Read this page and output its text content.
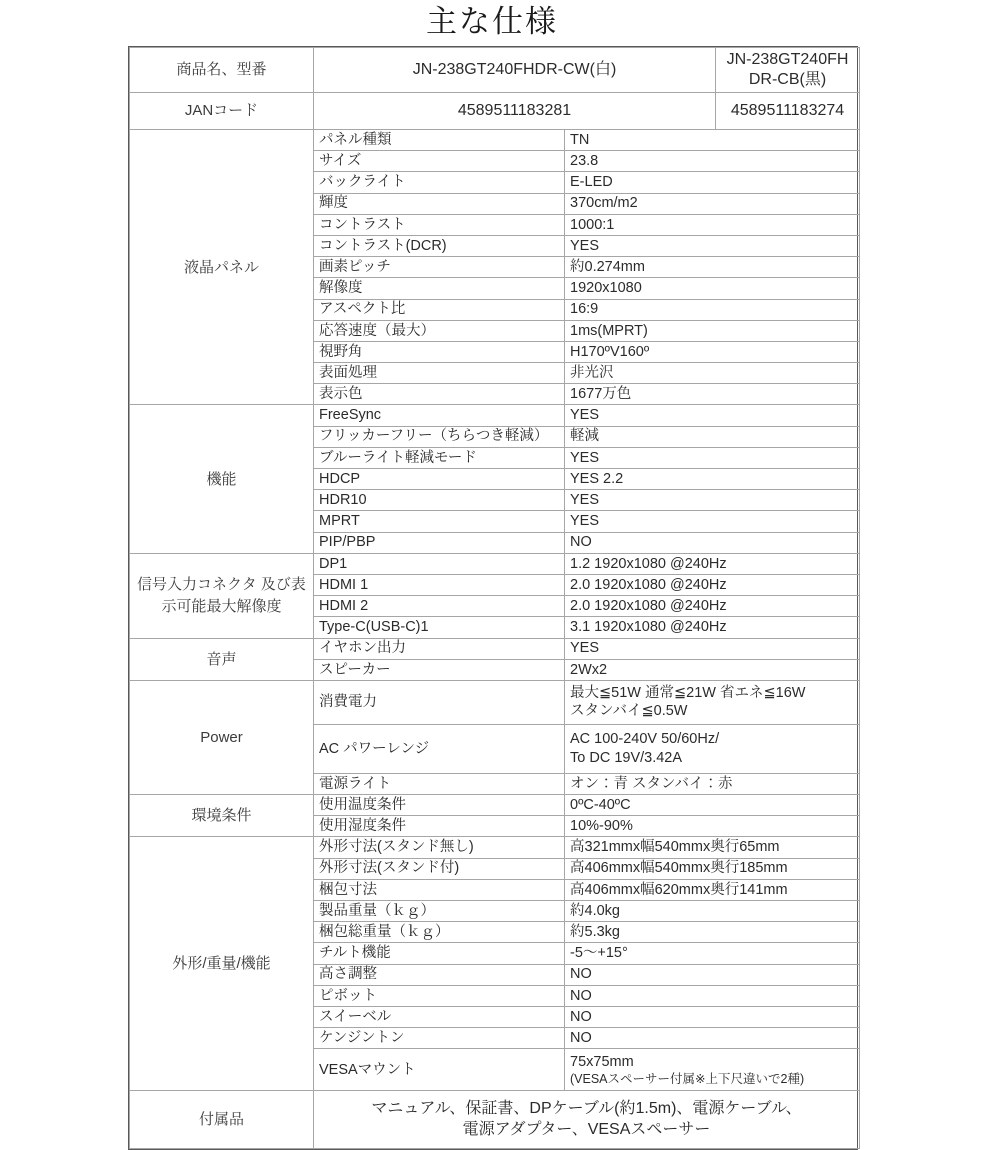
主な仕様
商品名、型番	JN-238GT240FHDR-CW(白)		JN-238GT240FHDR-CB(黒)
JANコード	4589511183281		4589511183274
液晶パネル	パネル種類	TN	
	サイズ	23.8	
	バックライト	E-LED	
	輝度	370cm/m2	
	コントラスト	1000:1	
	コントラスト(DCR)	YES	
	画素ピッチ	約0.274mm	
	解像度	1920x1080	
	アスペクト比	16:9	
	応答速度（最大）	1ms(MPRT)	
	視野角	H170ºV160º	
	表面処理	非光沢	
	表示色	1677万色	
機能	FreeSync	YES	
	フリッカーフリー（ちらつき軽減）	軽減	
	ブルーライト軽減モード	YES	
	HDCP	YES 2.2	
	HDR10	YES	
	MPRT	YES	
	PIP/PBP	NO	
信号入力コネクタ 及び表示可能最大解像度	DP1	1.2 1920x1080 @240Hz	
	HDMI 1	2.0 1920x1080 @240Hz	
	HDMI 2	2.0 1920x1080 @240Hz	
	Type-C(USB-C)1	3.1 1920x1080 @240Hz	
音声	イヤホン出力	YES	
	スピーカー	2Wx2	
Power	消費電力	最大≦51W 通常≦21W 省エネ≦16W
スタンバイ≦0.5W	

	AC パワーレンジ	AC 100-240V 50/60Hz/
To DC 19V/3.42A	

	電源ライト	オン：青 スタンバイ：赤	
環境条件	使用温度条件	0ºC-40ºC	
	使用湿度条件	10%-90%	
外形/重量/機能	外形寸法(スタンド無し)	高321mmx幅540mmx奥行65mm	
	外形寸法(スタンド付)	高406mmx幅540mmx奥行185mm	
	梱包寸法	高406mmx幅620mmx奥行141mm	
	製品重量（ｋｇ）	約4.0kg	
	梱包総重量（ｋｇ）	約5.3kg	
	チルト機能	-5〜+15°	
	高さ調整	NO	
	ピボット	NO	
	スイーベル	NO	
	ケンジントン	NO	
	VESAマウント	75x75mm
(VESAスペーサー付属※上下尺違いで2種)	

付属品	マニュアル、保証書、DPケーブル(約1.5m)、電源ケーブル、
電源アダプター、VESAスペーサー		
